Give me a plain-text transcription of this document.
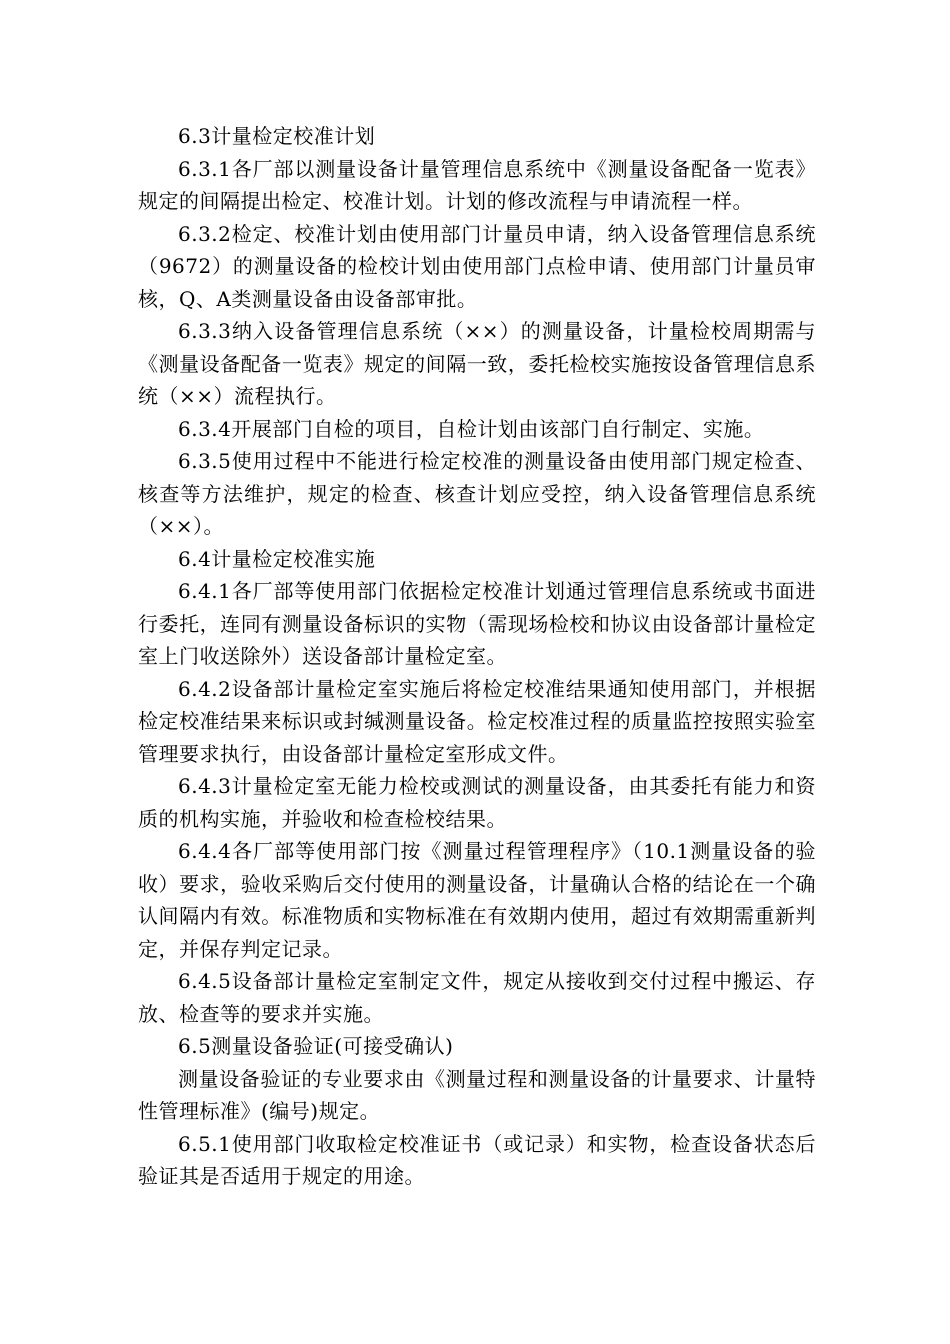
6.3计量检定校准计划

6.3.1各厂部以测量设备计量管理信息系统中《测量设备配备一览表》规定的间隔提出检定、校准计划。计划的修改流程与申请流程一样。

6.3.2检定、校准计划由使用部门计量员申请，纳入设备管理信息系统（9672）的测量设备的检校计划由使用部门点检申请、使用部门计量员审核，Q、A类测量设备由设备部审批。

6.3.3纳入设备管理信息系统（××）的测量设备，计量检校周期需与《测量设备配备一览表》规定的间隔一致，委托检校实施按设备管理信息系统（××）流程执行。

6.3.4开展部门自检的项目，自检计划由该部门自行制定、实施。

6.3.5使用过程中不能进行检定校准的测量设备由使用部门规定检查、核查等方法维护，规定的检查、核查计划应受控，纳入设备管理信息系统（××）。

6.4计量检定校准实施

6.4.1各厂部等使用部门依据检定校准计划通过管理信息系统或书面进行委托，连同有测量设备标识的实物（需现场检校和协议由设备部计量检定室上门收送除外）送设备部计量检定室。

6.4.2设备部计量检定室实施后将检定校准结果通知使用部门，并根据检定校准结果来标识或封缄测量设备。检定校准过程的质量监控按照实验室管理要求执行，由设备部计量检定室形成文件。

6.4.3计量检定室无能力检校或测试的测量设备，由其委托有能力和资质的机构实施，并验收和检查检校结果。

6.4.4各厂部等使用部门按《测量过程管理程序》（10.1测量设备的验收）要求，验收采购后交付使用的测量设备，计量确认合格的结论在一个确认间隔内有效。标准物质和实物标准在有效期内使用，超过有效期需重新判定，并保存判定记录。

6.4.5设备部计量检定室制定文件，规定从接收到交付过程中搬运、存放、检查等的要求并实施。

6.5测量设备验证(可接受确认)

测量设备验证的专业要求由《测量过程和测量设备的计量要求、计量特性管理标准》(编号)规定。

6.5.1使用部门收取检定校准证书（或记录）和实物，检查设备状态后验证其是否适用于规定的用途。
